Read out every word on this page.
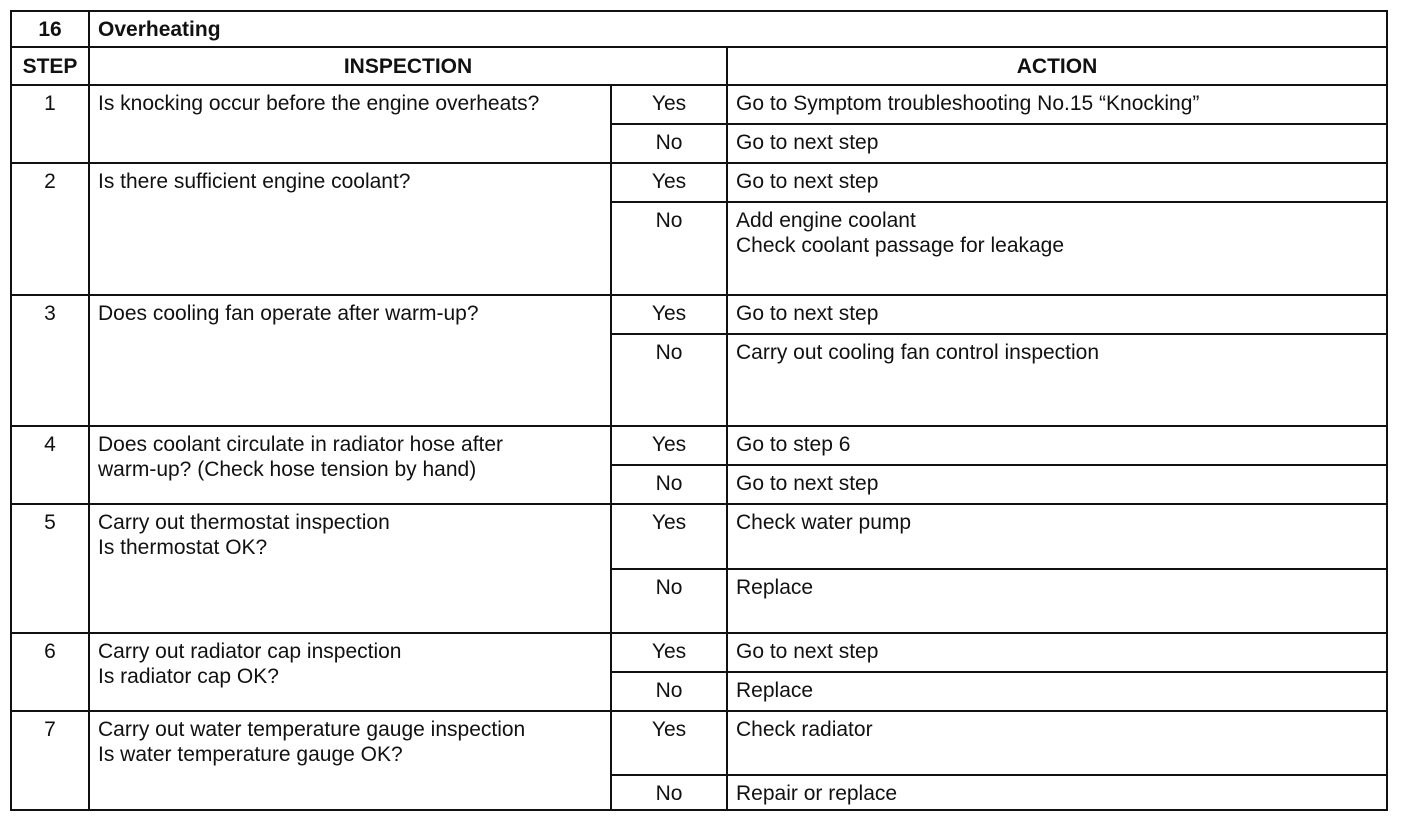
16	Overheating		
STEP	INSPECTION		ACTION
1	Is knocking occur before the engine overheats?	Yes	Go to Symptom troubleshooting No.15 “Knocking”

		No	Go to next step

2	Is there sufficient engine coolant?	Yes	Go to next step

		No	Add engine coolant
Check coolant passage for leakage

3	Does cooling fan operate after warm-up?	Yes	Go to next step

		No	Carry out cooling fan control inspection

4	Does coolant circulate in radiator hose after
warm-up? (Check hose tension by hand)	Yes	Go to step 6

		No	Go to next step

5	Carry out thermostat inspection
Is thermostat OK?	Yes	Check water pump

		No	Replace

6	Carry out radiator cap inspection
Is radiator cap OK?	Yes	Go to next step

		No	Replace

7	Carry out water temperature gauge inspection
Is water temperature gauge OK?	Yes	Check radiator

		No	Repair or replace
